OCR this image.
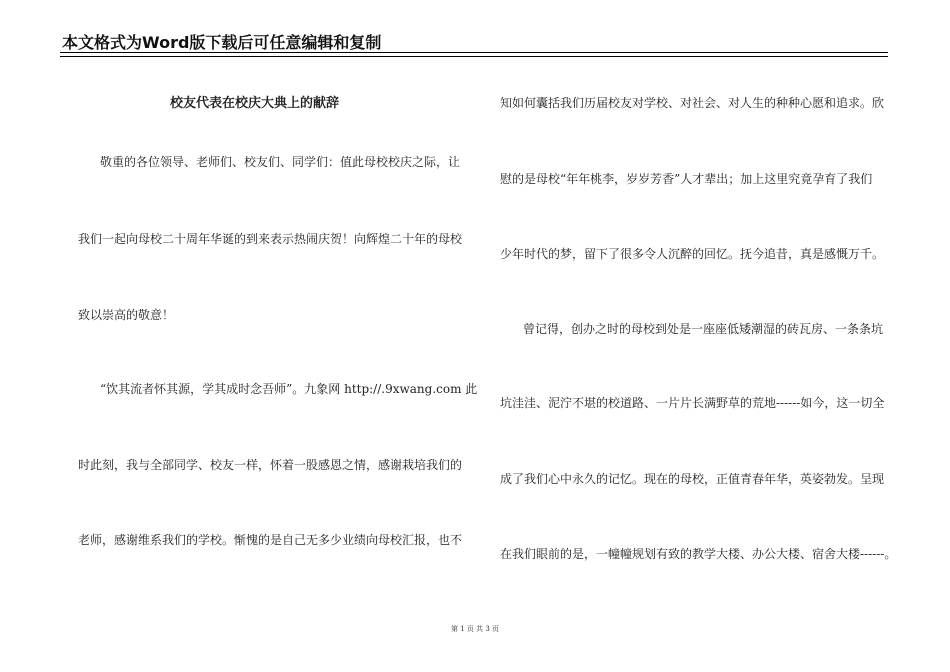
本文格式为Word版下载后可任意编辑和复制
校友代表在校庆大典上的献辞
敬重的各位领导、老师们、校友们、同学们：值此母校校庆之际，让
我们一起向母校二十周年华诞的到来表示热闹庆贺！向辉煌二十年的母校
致以崇高的敬意！
“饮其流者怀其源，学其成时念吾师”。九象网 http://.9xwang.com 此
时此刻，我与全部同学、校友一样，怀着一股感恩之情，感谢栽培我们的
老师，感谢维系我们的学校。惭愧的是自己无多少业绩向母校汇报，也不
知如何囊括我们历届校友对学校、对社会、对人生的种种心愿和追求。欣
慰的是母校“年年桃李，岁岁芳香”人才辈出；加上这里究竟孕育了我们
少年时代的梦，留下了很多令人沉醉的回忆。抚今追昔，真是感慨万千。
曾记得，创办之时的母校到处是一座座低矮潮湿的砖瓦房、一条条坑
坑洼洼、泥泞不堪的校道路、一片片长满野草的荒地------如今，这一切全
成了我们心中永久的记忆。现在的母校，正值青春年华，英姿勃发。呈现
在我们眼前的是，一幢幢规划有致的教学大楼、办公大楼、宿舍大楼------。
第 1 页 共 3 页
